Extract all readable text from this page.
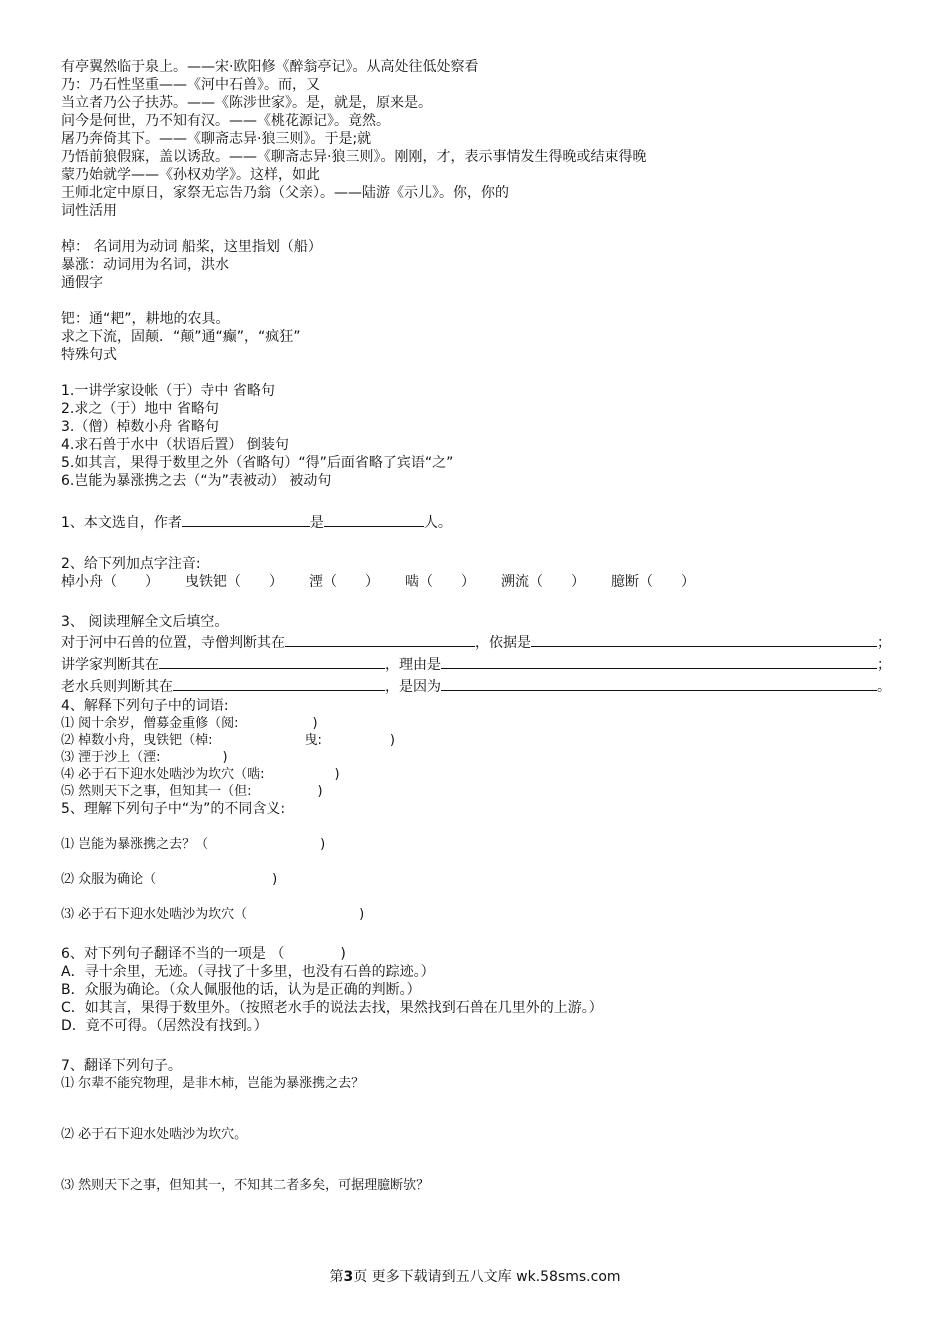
有亭翼然临于泉上。——宋·欧阳修《醉翁亭记》。从高处往低处察看
乃：乃石性坚重——《河中石兽》。而，又
当立者乃公子扶苏。——《陈涉世家》。是，就是，原来是。
问今是何世，乃不知有汉。——《桃花源记》。竟然。
屠乃奔倚其下。——《聊斋志异·狼三则》。于是;就
乃悟前狼假寐，盖以诱敌。——《聊斋志异·狼三则》。刚刚，才，表示事情发生得晚或结束得晚
蒙乃始就学——《孙权劝学》。这样，如此
王师北定中原日，家祭无忘告乃翁（父亲）。——陆游《示儿》。你，你的
词性活用
棹： 名词用为动词 船桨，这里指划（船）
暴涨：动词用为名词，洪水
通假字
钯：通“耙”，耕地的农具。
求之下流，固颠．“颠”通“癫”，“疯狂”
特殊句式
1.一讲学家设帐（于）寺中 省略句
2.求之（于）地中 省略句
3.（僧）棹数小舟 省略句
4.求石兽于水中（状语后置） 倒装句
5.如其言，果得于数里之外（省略句）“得”后面省略了宾语“之”
6.岂能为暴涨携之去（“为”表被动） 被动句
1、本文选自，作者	是	人。
2、给下列加点字注音:
棹小舟（　　） 曳铁钯（　　） 湮（　　） 啮（　　） 溯流（　　） 臆断（　　）
3、 阅读理解全文后填空。
对于河中石兽的位置，寺僧判断其在	，依据是	；
讲学家判断其在	，理由是	；
老水兵则判断其在	，是因为	。
4、解释下列句子中的词语:
⑴ 阅十余岁，僧募金重修（阅:	)
⑵ 棹数小舟，曳铁钯（棹:	曳:	)
⑶ 湮于沙上（湮:	)
⑷ 必于石下迎水处啮沙为坎穴（啮:	)
⑸ 然则天下之事，但知其一（但:	)
5、理解下列句子中“为”的不同含义:
⑴ 岂能为暴涨携之去？（	)
⑵ 众服为确论（	)
⑶ 必于石下迎水处啮沙为坎穴（	)
6、对下列句子翻译不当的一项是 （	)
A．寻十余里，无迹。（寻找了十多里，也没有石兽的踪迹。）
B．众服为确论。（众人佩服他的话，认为是正确的判断。）
C．如其言，果得于数里外。（按照老水手的说法去找，果然找到石兽在几里外的上游。）
D．竟不可得。（居然没有找到。）
7、翻译下列句子。
⑴ 尔辈不能究物理，是非木柿，岂能为暴涨携之去？
⑵ 必于石下迎水处啮沙为坎穴。
⑶ 然则天下之事，但知其一，不知其二者多矣，可据理臆断欤？
第3页 更多下载请到五八文库 wk.58sms.com
